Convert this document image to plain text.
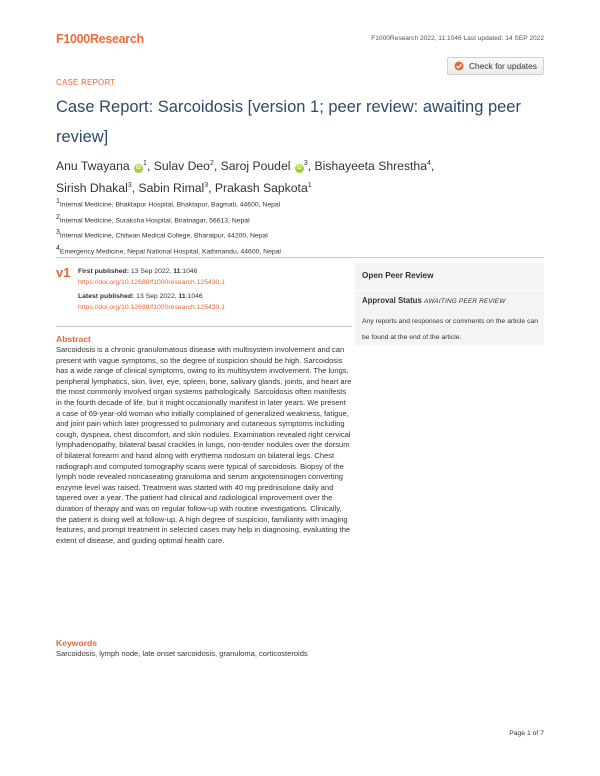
F1000Research	F1000Research 2022, 11:1046 Last updated: 14 SEP 2022
Check for updates
CASE REPORT
Case Report: Sarcoidosis [version 1; peer review: awaiting peer review]
Anu Twayana $iD^1$, Sulav Deo$^2$, Saroj Poudel $iD^3$, Bishayeeta Shrestha$^4$,
Sirish Dhakal$^3$, Sabin Rimal$^3$, Prakash Sapkota$^1$
$^1$Internal Medicine, Bhaktapur Hospital, Bhaktapur, Bagmati, 44600, Nepal
$^2$Internal Medicine, Suraksha Hospital, Biratnagar, 56613, Nepal
$^3$Internal Medicine, Chitwan Medical College, Bharatpur, 44200, Nepal
$^4$Emergency Medicine, Nepal National Hospital, Kathmandu, 44600, Nepal
v1 First published: 13 Sep 2022, 11:1046
https://doi.org/10.12688/f1000research.125430.1
Latest published: 13 Sep 2022, 11:1046
https://doi.org/10.12688/f1000research.125430.1
Open Peer Review
Approval Status AWAITING PEER REVIEW
Any reports and responses or comments on the article can be found at the end of the article.
Abstract
Sarcoidosis is a chronic granulomatous disease with multisystem involvement and can present with vague symptoms, so the degree of suspicion should be high. Sarcoidosis has a wide range of clinical symptoms, owing to its multisystem involvement. The lungs, peripheral lymphatics, skin, liver, eye, spleen, bone, salivary glands, joints, and heart are the most commonly involved organ systems pathologically. Sarcoidosis often manifests in the fourth decade of life, but it might occasionally manifest in later years. We present a case of 69-year-old woman who initially complained of generalized weakness, fatigue, and joint pain which later progressed to pulmonary and cutaneous symptoms including cough, dyspnea, chest discomfort, and skin nodules. Examination revealed right cervical lymphadenopathy, bilateral basal crackles in lungs, non-tender nodules over the dorsum of bilateral forearm and hand along with erythema nodosum on bilateral legs. Chest radiograph and computed tomography scans were typical of sarcoidosis. Biopsy of the lymph node revealed noncaseating granuloma and serum angiotensinogen converting enzyme level was raised. Treatment was started with 40 mg prednisolone daily and tapered over a year. The patient had clinical and radiological improvement over the duration of therapy and was on regular follow-up with routine investigations. Clinically, the patient is doing well at follow-up. A high degree of suspicion, familiarity with imaging features, and prompt treatment in selected cases may help in diagnosing, evaluating the extent of disease, and guiding optimal health care.
Keywords
Sarcoidosis, lymph node, late onset sarcoidosis, granuloma, corticosteroids
Page 1 of 7
